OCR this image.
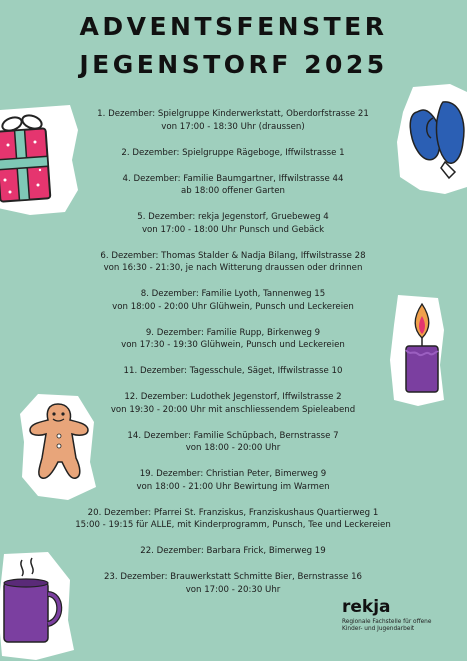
ADVENTSFENSTER
JEGENSTORF 2025
1. Dezember: Spielgruppe Kinderwerkstatt, Oberdorfstrasse 21
von 17:00 - 18:30 Uhr (draussen)
2. Dezember: Spielgruppe Rägeboge, Iffwilstrasse 1
4. Dezember: Familie Baumgartner, Iffwilstrasse 44
ab 18:00 offener Garten
5. Dezember: rekja Jegenstorf, Gruebeweg 4
von 17:00 - 18:00 Uhr Punsch und Gebäck
6. Dezember: Thomas Stalder & Nadja Bilang, Iffwilstrasse 28
von 16:30 - 21:30, je nach Witterung draussen oder drinnen
8. Dezember: Familie Lyoth, Tannenweg 15
von 18:00 - 20:00 Uhr Glühwein, Punsch und Leckereien
9. Dezember: Familie Rupp, Birkenweg 9
von 17:30 - 19:30 Glühwein, Punsch und Leckereien
11. Dezember: Tagesschule, Säget, Iffwilstrasse 10
12. Dezember: Ludothek Jegenstorf, Iffwilstrasse 2
von 19:30 - 20:00 Uhr mit anschliessendem Spieleabend
14. Dezember: Familie Schüpbach, Bernstrasse 7
von 18:00 - 20:00 Uhr
19. Dezember: Christian Peter, Bimerweg 9
von 18:00 - 21:00 Uhr Bewirtung im Warmen
20. Dezember: Pfarrei St. Franziskus, Franziskushaus Quartierweg 1
15:00 - 19:15 für ALLE, mit Kinderprogramm, Punsch, Tee und Leckereien
22. Dezember: Barbara Frick, Bimerweg 19
23. Dezember: Brauwerkstatt Schmitte Bier, Bernstrasse 16
von 17:00 - 20:30 Uhr
rekja
Regionale Fachstelle für offene
Kinder- und Jugendarbeit
